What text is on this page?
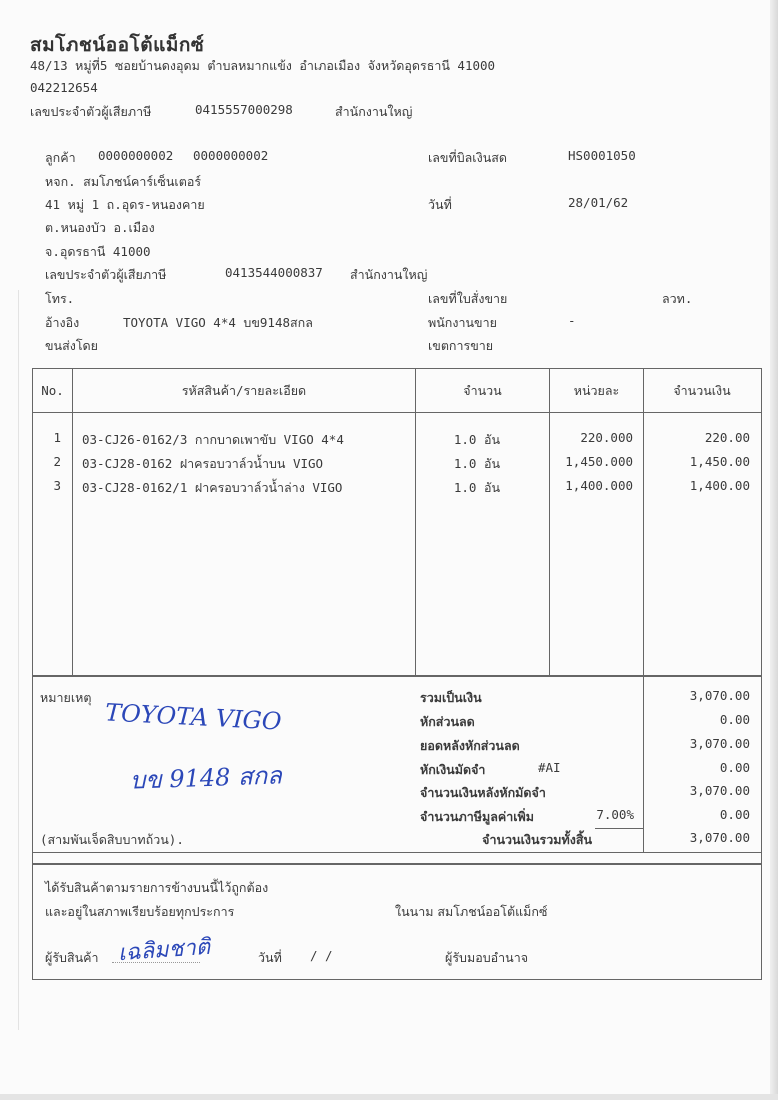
สมโภชน์ออโต้แม็กซ์
48/13 หมู่ที่5 ซอยบ้านดงอุดม ตำบลหมากแข้ง อำเภอเมือง จังหวัดอุดรธานี 41000
042212654
เลขประจำตัวผู้เสียภาษี	0415557000298	สำนักงานใหญ่
ลูกค้า 0000000002 0000000002
หจก. สมโภชน์คาร์เซ็นเตอร์
41 หมู่ 1 ถ.อุดร-หนองคาย
ต.หนองบัว อ.เมือง
จ.อุดรธานี 41000
เลขประจำตัวผู้เสียภาษี	0413544000837 สำนักงานใหญ่
โทร.
อ้างอิง	TOYOTA VIGO 4*4 บข9148สกล
ขนส่งโดย
เลขที่บิลเงินสด	HS0001050
วันที่	28/01/62
เลขที่ใบสั่งขาย	ลวท.
พนักงานขาย	-
เขตการขาย
No.	รหัสสินค้า/รายละเอียด	จำนวน	หน่วยละ	จำนวนเงิน
1 03-CJ26-0162/3 กากบาดเพาขับ VIGO 4*4	1.0 อัน	220.000	220.00
2 03-CJ28-0162 ฝาครอบวาล์วน้ำบน VIGO	1.0 อัน	1,450.000	1,450.00
3 03-CJ28-0162/1 ฝาครอบวาล์วน้ำล่าง VIGO	1.0 อัน	1,400.000	1,400.00
หมายเหตุ
TOYOTA VIGO
บข 9148 สกล
(สามพันเจ็ดสิบบาทถ้วน).
รวมเป็นเงิน	3,070.00
หักส่วนลด	0.00
ยอดหลังหักส่วนลด	3,070.00
หักเงินมัดจำ	#AI	0.00
จำนวนเงินหลังหักมัดจำ	3,070.00
จำนวนภาษีมูลค่าเพิ่ม	7.00%	0.00
จำนวนเงินรวมทั้งสิ้น	3,070.00
ได้รับสินค้าตามรายการข้างบนนี้ไว้ถูกต้อง
และอยู่ในสภาพเรียบร้อยทุกประการ	ในนาม สมโภชน์ออโต้แม็กซ์
ผู้รับสินค้า เฉลิมชาติ	วันที่ / /	ผู้รับมอบอำนาจ
